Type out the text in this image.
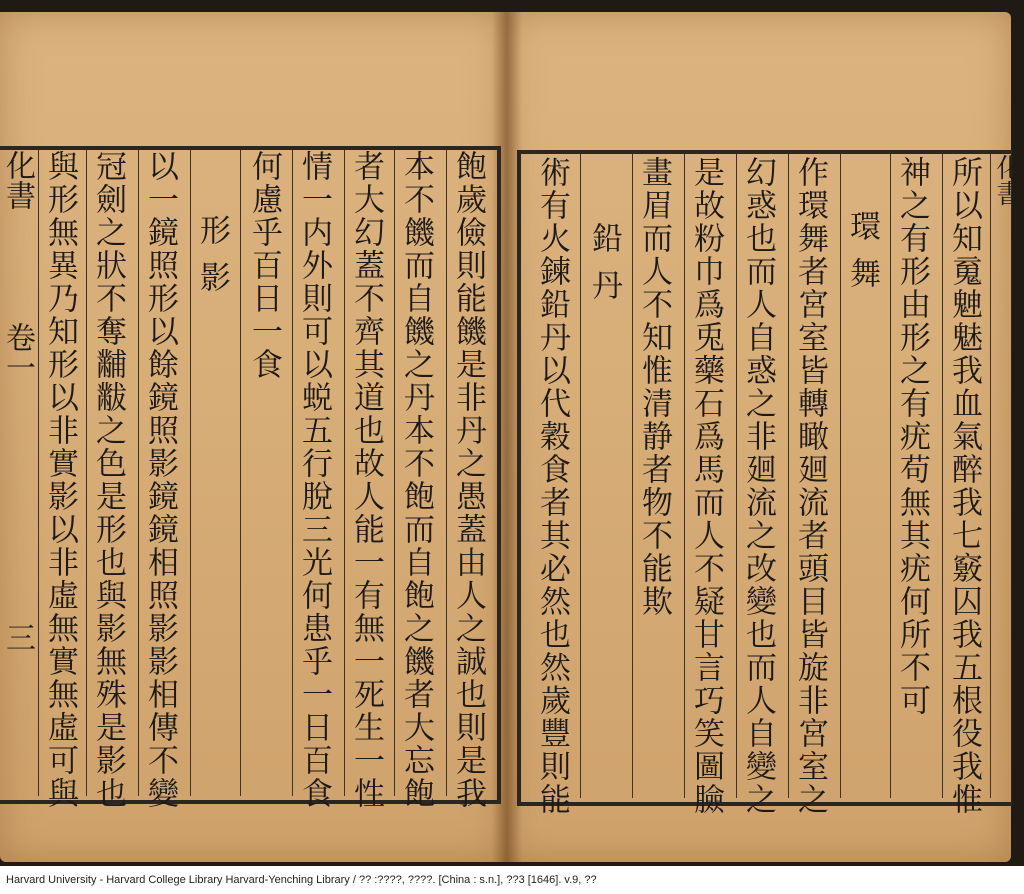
化書
卷一
三	飽歲儉則能饑是非丹之愚蓋由人之誠也則是我
本不饑而自饑之丹本不飽而自飽之饑者大忘飽
者大幻蓋不齊其道也故人能一有無一死生一性
情一内外則可以蜕五行脫三光何患乎一日百食
何慮乎百日一食
形影
以一鏡照形以餘鏡照影鏡鏡相照影影相傳不變
冠劍之狀不奪黼黻之色是形也與影無殊是影也
與形無異乃知形以非實影以非虛無實無虛可與	所以知䰟䰠魅我血氣醉我七竅囚我五根役我惟
神之有形由形之有疣苟無其疣何所不可
環舞
作環舞者宮室皆轉瞰廻流者頭目皆旋非宮室之
幻惑也而人自惑之非廻流之改變也而人自變之
是故粉巾爲兎藥石爲馬而人不疑甘言巧笑圖臉
畫眉而人不知惟清静者物不能欺
鉛丹
術有火鍊鉛丹以代穀食者其必然也然歲豐則能	化書
Harvard University - Harvard College Library Harvard-Yenching Library / ?? :????, ????. [China : s.n.], ??3 [1646]. v.9, ??
